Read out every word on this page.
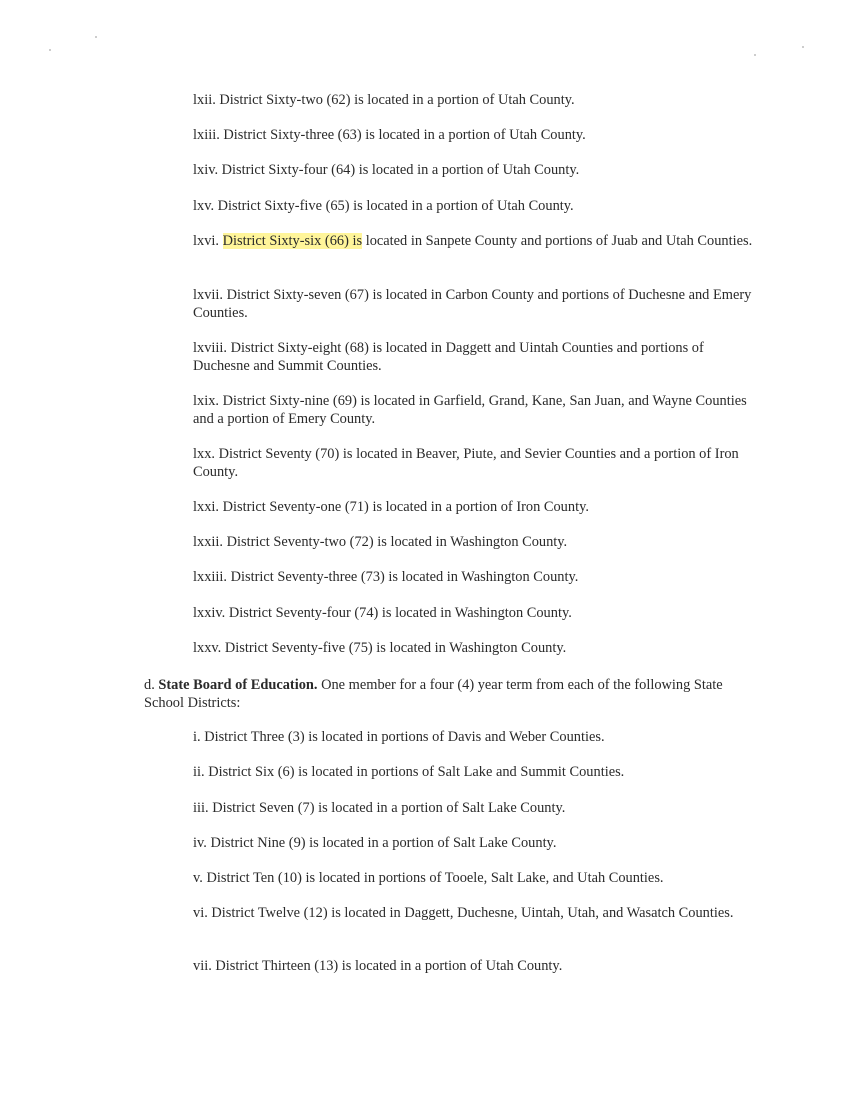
lxii. District Sixty-two (62) is located in a portion of Utah County.

lxiii. District Sixty-three (63) is located in a portion of Utah County.

lxiv. District Sixty-four (64) is located in a portion of Utah County.

lxv. District Sixty-five (65) is located in a portion of Utah County.

lxvi. District Sixty-six (66) is located in Sanpete County and portions of Juab and Utah Counties.

lxvii. District Sixty-seven (67) is located in Carbon County and portions of Duchesne and Emery Counties.

lxviii. District Sixty-eight (68) is located in Daggett and Uintah Counties and portions of Duchesne and Summit Counties.

lxix. District Sixty-nine (69) is located in Garfield, Grand, Kane, San Juan, and Wayne Counties and a portion of Emery County.

lxx. District Seventy (70) is located in Beaver, Piute, and Sevier Counties and a portion of Iron County.

lxxi. District Seventy-one (71) is located in a portion of Iron County.

lxxii. District Seventy-two (72) is located in Washington County.

lxxiii. District Seventy-three (73) is located in Washington County.

lxxiv. District Seventy-four (74) is located in Washington County.

lxxv. District Seventy-five (75) is located in Washington County.

d. State Board of Education. One member for a four (4) year term from each of the following State School Districts:

i. District Three (3) is located in portions of Davis and Weber Counties.

ii. District Six (6) is located in portions of Salt Lake and Summit Counties.

iii. District Seven (7) is located in a portion of Salt Lake County.

iv. District Nine (9) is located in a portion of Salt Lake County.

v. District Ten (10) is located in portions of Tooele, Salt Lake, and Utah Counties.

vi. District Twelve (12) is located in Daggett, Duchesne, Uintah, Utah, and Wasatch Counties.

vii. District Thirteen (13) is located in a portion of Utah County.
